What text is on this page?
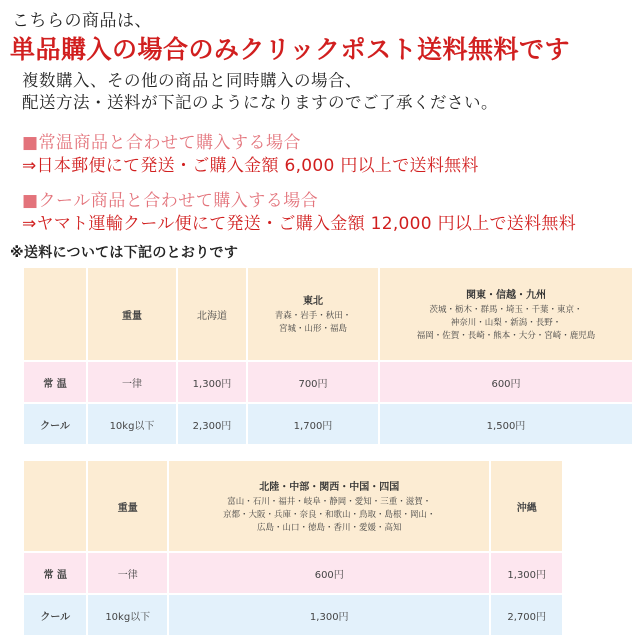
こちらの商品は、
単品購入の場合のみクリックポスト送料無料です
複数購入、その他の商品と同時購入の場合、
配送方法・送料が下記のようになりますのでご了承ください。
■常温商品と合わせて購入する場合
⇒日本郵便にて発送・ご購入金額 6,000 円以上で送料無料
■クール商品と合わせて購入する場合
⇒ヤマト運輸クール便にて発送・ご購入金額 12,000 円以上で送料無料
※送料については下記のとおりです
	重量	北海道	東北
青森・岩手・秋田・
宮城・山形・福島	関東・信越・九州
茨城・栃木・群馬・埼玉・千葉・東京・
神奈川・山梨・新潟・長野・
福岡・佐賀・長崎・熊本・大分・宮崎・鹿児島

常 温	一律	1,300円	700円	600円
クール	10kg以下	2,300円	1,700円	1,500円
	重量	北陸・中部・関西・中国・四国
富山・石川・福井・岐阜・静岡・愛知・三重・滋賀・
京都・大阪・兵庫・奈良・和歌山・鳥取・島根・岡山・
広島・山口・徳島・香川・愛媛・高知	沖縄
常 温	一律	600円	1,300円
クール	10kg以下	1,300円	2,700円
